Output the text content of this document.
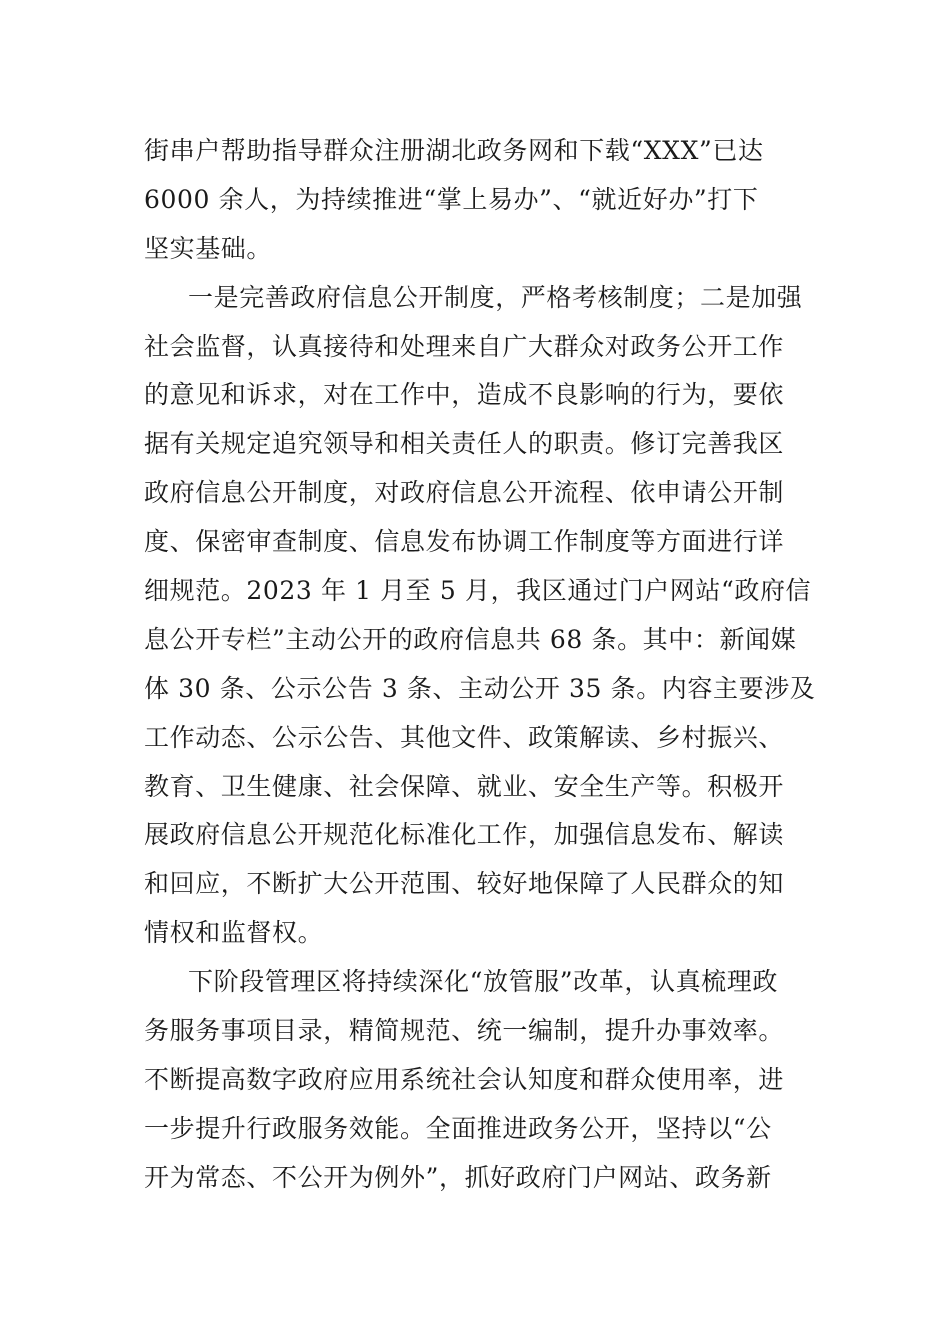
街串户帮助指导群众注册湖北政务网和下载“XXX”已达
6000 余人，为持续推进“掌上易办”、“就近好办”打下
坚实基础。
一是完善政府信息公开制度，严格考核制度；二是加强
社会监督，认真接待和处理来自广大群众对政务公开工作
的意见和诉求，对在工作中，造成不良影响的行为，要依
据有关规定追究领导和相关责任人的职责。修订完善我区
政府信息公开制度，对政府信息公开流程、依申请公开制
度、保密审查制度、信息发布协调工作制度等方面进行详
细规范。2023 年 1 月至 5 月，我区通过门户网站“政府信
息公开专栏”主动公开的政府信息共 68 条。其中：新闻媒
体 30 条、公示公告 3 条、主动公开 35 条。内容主要涉及
工作动态、公示公告、其他文件、政策解读、乡村振兴、
教育、卫生健康、社会保障、就业、安全生产等。积极开
展政府信息公开规范化标准化工作，加强信息发布、解读
和回应，不断扩大公开范围、较好地保障了人民群众的知
情权和监督权。
下阶段管理区将持续深化“放管服”改革，认真梳理政
务服务事项目录，精简规范、统一编制，提升办事效率。
不断提高数字政府应用系统社会认知度和群众使用率，进
一步提升行政服务效能。全面推进政务公开，坚持以“公
开为常态、不公开为例外”，抓好政府门户网站、政务新
